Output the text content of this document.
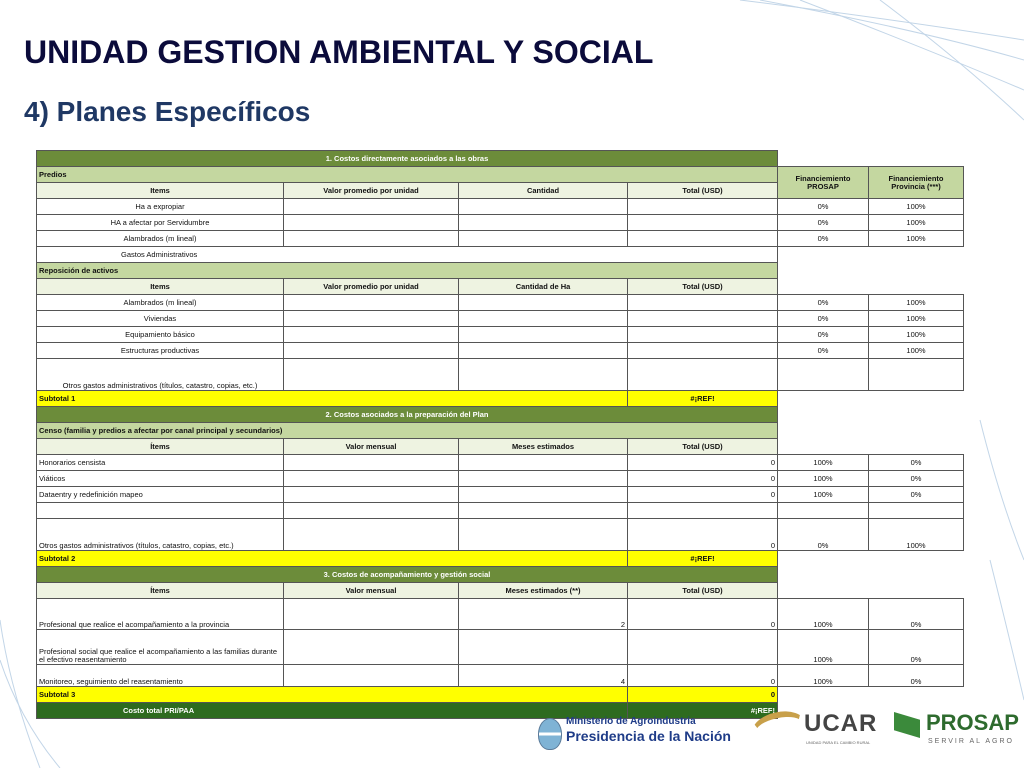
UNIDAD GESTION AMBIENTAL Y SOCIAL
4) Planes Específicos
1. Costos directamente asociados a las obras					
Predios				Financiemiento PROSAP	Financiemiento Provincia (***)
Items	Valor promedio por unidad	Cantidad	Total (USD)		
Ha a expropiar				0%	100%
HA a afectar por Servidumbre				0%	100%
Alambrados (m lineal)				0%	100%
Gastos Administrativos					
Reposición de activos					
Items	Valor promedio por unidad	Cantidad de Ha	Total (USD)		
Alambrados (m lineal)				0%	100%
Viviendas				0%	100%
Equipamiento básico				0%	100%
Estructuras productivas				0%	100%
Otros gastos administrativos (títulos, catastro, copias, etc.)					
Subtotal 1			#¡REF!		
2. Costos asociados a la preparación del Plan					
Censo (familia y predios a afectar por canal principal y secundarios)					
Ítems	Valor mensual	Meses estimados	Total (USD)		
Honorarios censista			0	100%	0%
Viáticos			0	100%	0%
Dataentry y redefinición mapeo			0	100%	0%

Otros gastos administrativos (títulos, catastro, copias, etc.)			0	0%	100%
Subtotal 2			#¡REF!		
3. Costos de acompañamiento y gestión social					
Ítems	Valor mensual	Meses estimados (**)	Total (USD)		
Profesional que realice el acompañamiento a la provincia		2	0	100%	0%
Profesional social que realice el acompañamiento a las familias durante el efectivo reasentamiento				100%	0%
Monitoreo, seguimiento del reasentamiento		4	0	100%	0%
Subtotal 3			0		
Costo total PRI/PAA			#¡REF!		
Ministerio de Agroindustria
Presidencia de la Nación	UCAR
UNIDAD PARA EL CAMBIO RURAL
PROSAP
SERVIR AL AGRO
